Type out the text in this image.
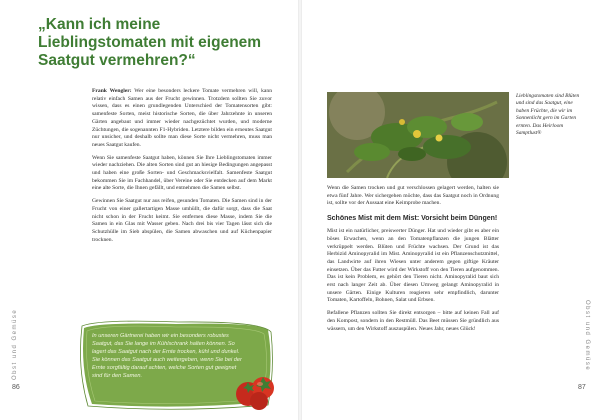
„Kann ich meine Lieblingstomaten mit eigenem Saatgut vermehren?“

Frank Wengler: Wer eine besonders leckere Tomate vermehren will, kann relativ einfach Samen aus der Frucht gewinnen. Trotzdem sollten Sie zuvor wissen, dass es einen grundlegenden Unterschied der Tomatensorten gibt: samenfeste Sorten, meist historische Sorten, die über Jahrzehnte in unseren Gärten angebaut und immer wieder nachgezüchtet wurden, und moderne Züchtungen, die sogenannten F1-Hybriden. Letztere bilden ein erneutes Saatgut nur unsicher, und deshalb sollte man diese Sorte nicht vermehren, muss man neues Saatgut kaufen.

Wenn Sie samenfeste Saatgut haben, können Sie Ihre Lieblingstomaten immer wieder nachziehen. Die alten Sorten sind gut an hiesige Bedingungen angepasst und haben eine große Sorten- und Geschmacksvielfalt. Samenfeste Saatgut bekommen Sie im Fachhandel, über Vereine oder Sie entdecken auf dem Markt eine alte Sorte, die Ihnen gefällt, und entnehmen die Samen selbst.

Gewinnen Sie Saatgut nur aus reifen, gesunden Tomaten. Die Samen sind in der Frucht von einer gallertartigen Masse umhüllt, die dafür sorgt, dass die Saat nicht schon in der Frucht keimt. Sie entfernen diese Masse, indem Sie die Samen in ein Glas mit Wasser geben. Nach drei bis vier Tagen lässt sich die Schutzhülle im Sieb abspülen, die Samen abwaschen und auf Küchenpapier trocknen.

In unseren Gärtnerei haben wir ein besonders robustes Saatgut, das Sie lange im Kühlschrank halten können. So lagert das Saatgut nach der Ernte trocken, kühl und dunkel. Sie können das Saatgut auch weitergeben, wenn Sie bei der Ernte sorgfältig darauf achten, welche Sorten gut geeignet sind für den Samen.
Obst und Gemüse
86
Lieblingstomaten sind Blüten und sind das Saatgut, eine haben Früchte, die wir im Sonnenlicht gern im Garten ernten. Das Heirloom Samptlust®

Wenn die Samen trocken und gut verschlossen gelagert werden, halten sie etwa fünf Jahre. Wer sichergehen möchte, dass das Saatgut noch in Ordnung ist, sollte vor der Aussaat eine Keimprobe machen.

Schönes Mist mit dem Mist: Vorsicht beim Düngen!

Mist ist ein natürlicher, preiswerter Dünger. Hat und wieder gibt es aber ein böses Erwachen, wenn an den Tomatenpflanzen die jungen Blätter verkrüppelt werden. Blüten und Früchte wachsen. Der Grund ist das Herbizid Aminopyralid im Mist. Aminopyralid ist ein Pflanzenschutzmittel, das Landwirte auf ihren Wiesen unter anderem gegen giftige Kräuter einsetzen. Über das Futter wird der Wirkstoff von den Tieren aufgenommen. Das ist kein Problem, es gehört den Tieren nicht. Aminopyralid baut sich erst nach langer Zeit ab. Über diesen Umweg gelangt Aminopyralid in unsere Gärten. Einige Kulturen reagieren sehr empfindlich, darunter Tomaten, Kartoffeln, Bohnen, Salat und Erbsen.

Befallene Pflanzen sollten Sie direkt entsorgen – bitte auf keinen Fall auf den Kompost, sondern in den Restmüll. Das Beet müssen Sie gründlich aus wässern, um den Wirkstoff auszuspülen. Neues Jahr, neues Glück!	Obst und Gemüse
87
